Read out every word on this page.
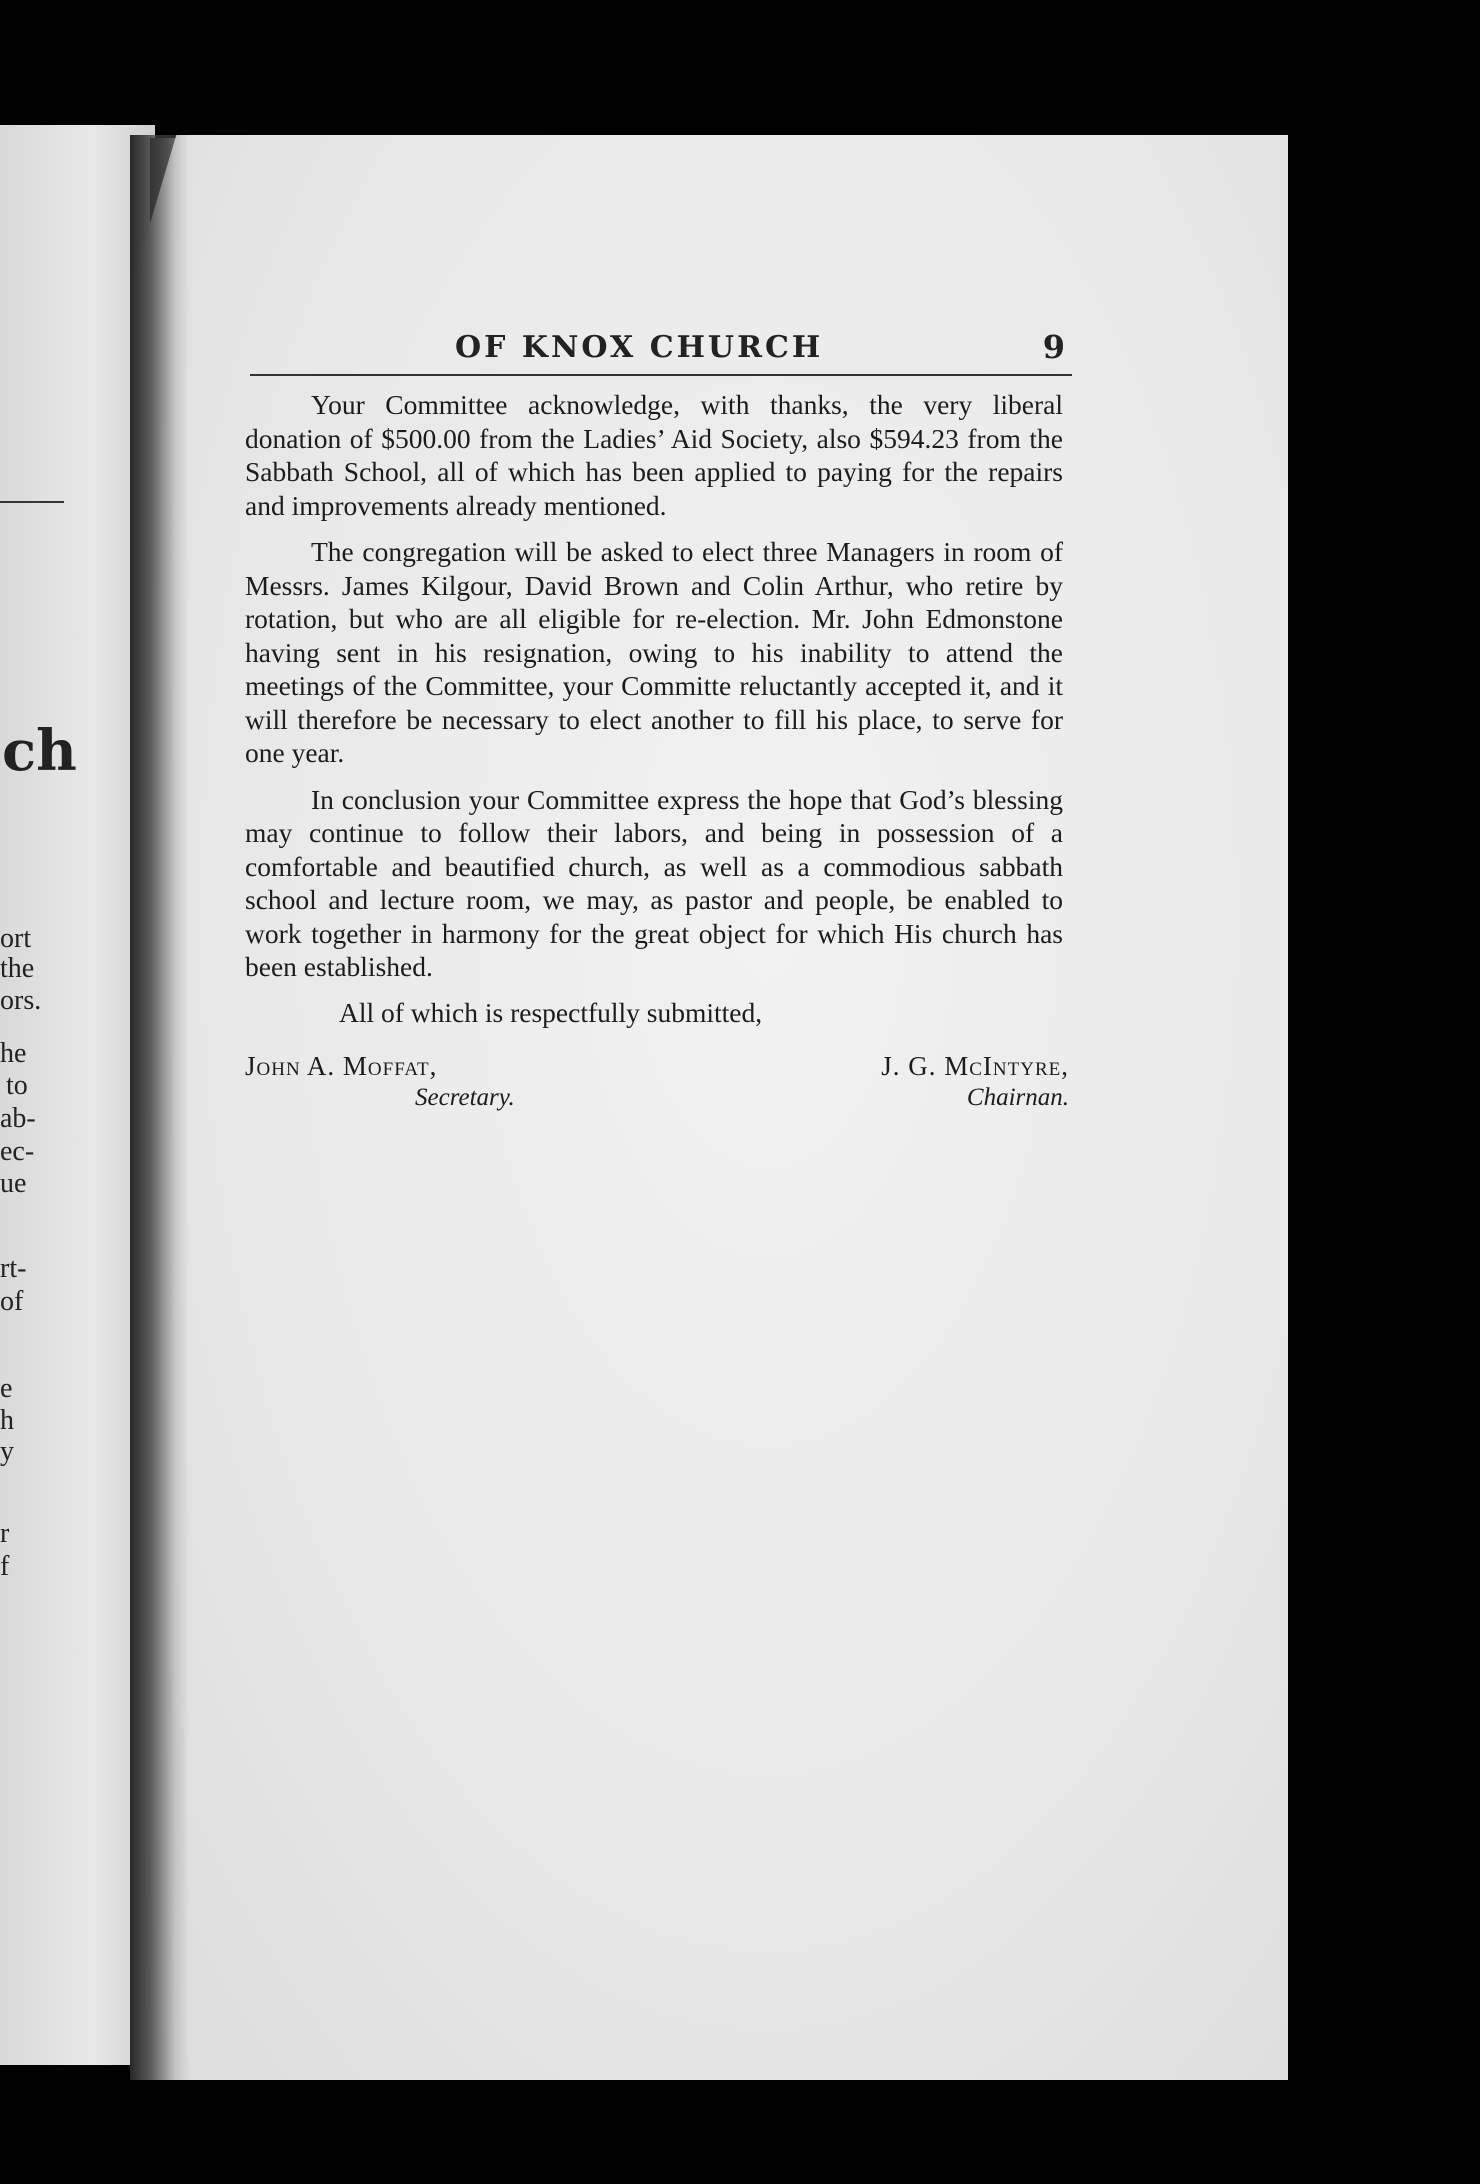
ch
ort
the
ors.
he
to
ab-
ec-
ue
rt-
of
e
h
y
r
f
OF KNOX CHURCH	9

Your Committee acknowledge, with thanks, the very liberal donation of $500.00 from the Ladies’ Aid Society, also $594.23 from the Sabbath School, all of which has been applied to paying for the repairs and improvements already mentioned.

The congregation will be asked to elect three Managers in room of Messrs. James Kilgour, David Brown and Colin Arthur, who retire by rotation, but who are all eligible for re-election. Mr. John Edmonstone having sent in his resignation, owing to his inability to attend the meetings of the Committee, your Committe reluctantly accepted it, and it will therefore be necessary to elect another to fill his place, to serve for one year.

In conclusion your Committee express the hope that God’s blessing may continue to follow their labors, and being in possession of a comfortable and beautified church, as well as a commodious sabbath school and lecture room, we may, as pastor and people, be enabled to work together in harmony for the great object for which His church has been established.

All of which is respectfully submitted,

John A. Moffat,
Secretary.
J. G. McIntyre,
Chairnan.
